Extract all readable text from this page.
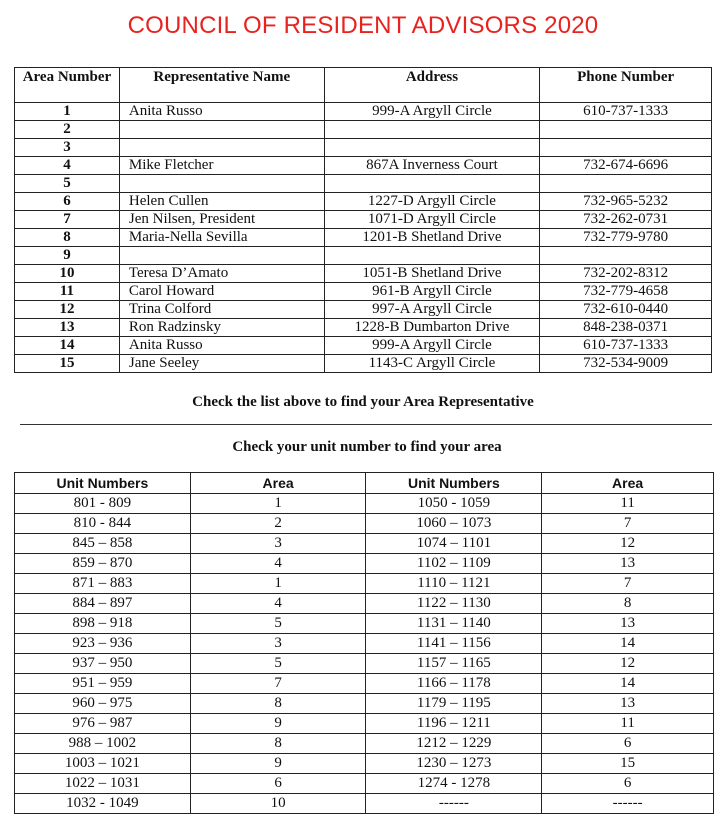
COUNCIL OF RESIDENT ADVISORS 2020
Area Number	Representative Name	Address	Phone Number
1	Anita Russo	999-A Argyll Circle	610-737-1333
2			
3			
4	Mike Fletcher	867A Inverness Court	732-674-6696
5			
6	Helen Cullen	1227-D Argyll Circle	732-965-5232
7	Jen Nilsen, President	1071-D Argyll Circle	732-262-0731
8	Maria-Nella Sevilla	1201-B Shetland Drive	732-779-9780
9			
10	Teresa D’Amato	1051-B Shetland Drive	732-202-8312
11	Carol Howard	961-B Argyll Circle	732-779-4658
12	Trina Colford	997-A Argyll Circle	732-610-0440
13	Ron Radzinsky	1228-B Dumbarton Drive	848-238-0371
14	Anita Russo	999-A Argyll Circle	610-737-1333
15	Jane Seeley	1143-C Argyll Circle	732-534-9009
Check the list above to find your Area Representative
Check your unit number to find your area
Unit Numbers	Area	Unit Numbers	Area
801 - 809	1	1050 - 1059	11
810 - 844	2	1060 – 1073	7
845 – 858	3	1074 – 1101	12
859 – 870	4	1102 – 1109	13
871 – 883	1	1110 – 1121	7
884 – 897	4	1122 – 1130	8
898 – 918	5	1131 – 1140	13
923 – 936	3	1141 – 1156	14
937 – 950	5	1157 – 1165	12
951 – 959	7	1166 – 1178	14
960 – 975	8	1179 – 1195	13
976 – 987	9	1196 – 1211	11
988 – 1002	8	1212 – 1229	6
1003 – 1021	9	1230 – 1273	15
1022 – 1031	6	1274 - 1278	6
1032 - 1049	10	------	------
